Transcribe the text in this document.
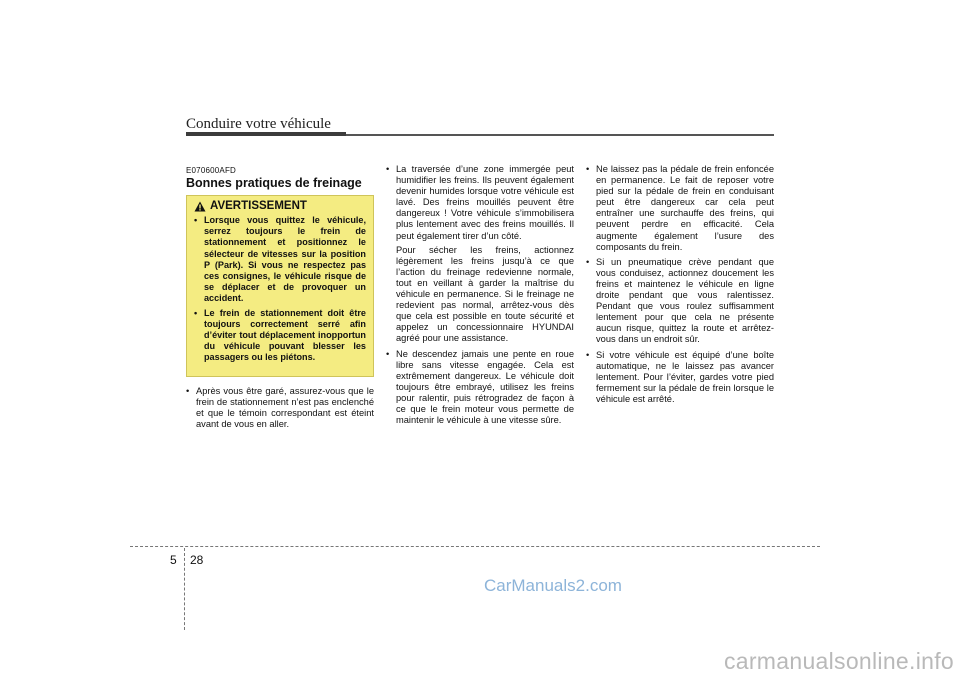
Conduire votre véhicule
E070600AFD
Bonnes pratiques de freinage
AVERTISSEMENT
• Lorsque vous quittez le véhicule, serrez toujours le frein de stationnement et positionnez le sélecteur de vitesses sur la position P (Park). Si vous ne respectez pas ces consignes, le véhicule risque de se déplacer et de provoquer un accident.
• Le frein de stationnement doit être toujours correctement serré afin d’éviter tout déplacement inopportun du véhicule pouvant blesser les passagers ou les piétons.
• Après vous être garé, assurez-vous que le frein de stationnement n’est pas enclenché et que le témoin correspondant est éteint avant de vous en aller.
• La traversée d’une zone immergée peut humidifier les freins. Ils peuvent également devenir humides lorsque votre véhicule est lavé. Des freins mouillés peuvent être dangereux ! Votre véhicule s’immobilisera plus lentement avec des freins mouillés. Il peut également tirer d’un côté.
Pour sécher les freins, actionnez légèrement les freins jusqu’à ce que l’action du freinage redevienne normale, tout en veillant à garder la maîtrise du véhicule en permanence. Si le freinage ne redevient pas normal, arrêtez-vous dès que cela est possible en toute sécurité et appelez un concessionnaire HYUNDAI agréé pour une assistance.
• Ne descendez jamais une pente en roue libre sans vitesse engagée. Cela est extrêmement dangereux. Le véhicule doit toujours être embrayé, utilisez les freins pour ralentir, puis rétrogradez de façon à ce que le frein moteur vous permette de maintenir le véhicule à une vitesse sûre.
• Ne laissez pas la pédale de frein enfoncée en permanence. Le fait de reposer votre pied sur la pédale de frein en conduisant peut être dangereux car cela peut entraîner une surchauffe des freins, qui peuvent perdre en efficacité. Cela augmente également l’usure des composants du frein.
• Si un pneumatique crève pendant que vous conduisez, actionnez doucement les freins et maintenez le véhicule en ligne droite pendant que vous ralentissez. Pendant que vous roulez suffisamment lentement pour que cela ne présente aucun risque, quittez la route et arrêtez-vous dans un endroit sûr.
• Si votre véhicule est équipé d’une boîte automatique, ne le laissez pas avancer lentement. Pour l’éviter, gardes votre pied fermement sur la pédale de frein lorsque le véhicule est arrêté.
5 28
CarManuals2.com
carmanualsonline.info
